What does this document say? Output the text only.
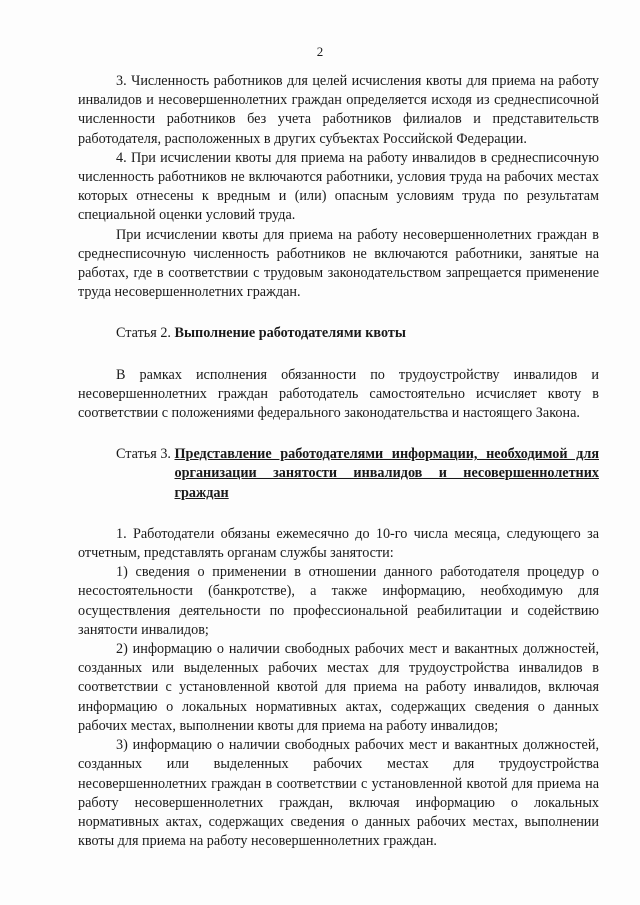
2

3. Численность работников для целей исчисления квоты для приема на работу инвалидов и несовершеннолетних граждан определяется исходя из среднесписочной численности работников без учета работников филиалов и представительств работодателя, расположенных в других субъектах Российской Федерации.

4. При исчислении квоты для приема на работу инвалидов в среднесписочную численность работников не включаются работники, условия труда на рабочих местах которых отнесены к вредным и (или) опасным условиям труда по результатам специальной оценки условий труда.

При исчислении квоты для приема на работу несовершеннолетних граждан в среднесписочную численность работников не включаются работники, занятые на работах, где в соответствии с трудовым законодательством запрещается применение труда несовершеннолетних граждан.

Статья 2. Выполнение работодателями квоты

В рамках исполнения обязанности по трудоустройству инвалидов и несовершеннолетних граждан работодатель самостоятельно исчисляет квоту в соответствии с положениями федерального законодательства и настоящего Закона.

Статья 3. Представление работодателями информации, необходимой для организации занятости инвалидов и несовершеннолетних граждан

1. Работодатели обязаны ежемесячно до 10-го числа месяца, следующего за отчетным, представлять органам службы занятости:

1) сведения о применении в отношении данного работодателя процедур о несостоятельности (банкротстве), а также информацию, необходимую для осуществления деятельности по профессиональной реабилитации и содействию занятости инвалидов;

2) информацию о наличии свободных рабочих мест и вакантных должностей, созданных или выделенных рабочих местах для трудоустройства инвалидов в соответствии с установленной квотой для приема на работу инвалидов, включая информацию о локальных нормативных актах, содержащих сведения о данных рабочих местах, выполнении квоты для приема на работу инвалидов;

3) информацию о наличии свободных рабочих мест и вакантных должностей, созданных или выделенных рабочих местах для трудоустройства несовершеннолетних граждан в соответствии с установленной квотой для приема на работу несовершеннолетних граждан, включая информацию о локальных нормативных актах, содержащих сведения о данных рабочих местах, выполнении квоты для приема на работу несовершеннолетних граждан.
